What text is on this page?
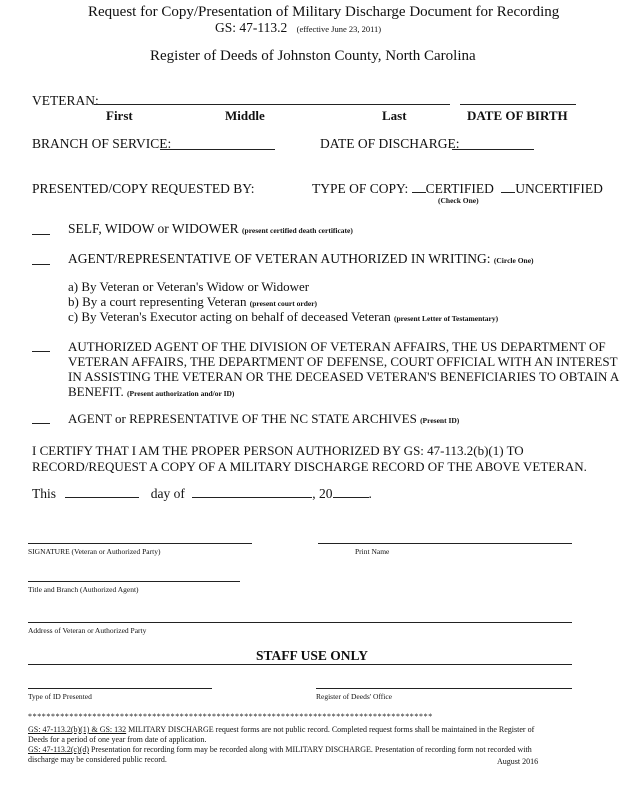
Request for Copy/Presentation of Military Discharge Document for Recording
GS: 47-113.2 (effective June 23, 2011)
Register of Deeds of Johnston County, North Carolina
VETERAN:
First	Middle	Last	DATE OF BIRTH
BRANCH OF SERVICE:	DATE OF DISCHARGE:
PRESENTED/COPY REQUESTED BY:	TYPE OF COPY: CERTIFIED UNCERTIFIED
(Check One)
SELF, WIDOW or WIDOWER (present certified death certificate)
AGENT/REPRESENTATIVE OF VETERAN AUTHORIZED IN WRITING: (Circle One)
a) By Veteran or Veteran's Widow or Widower
b) By a court representing Veteran (present court order)
c) By Veteran's Executor acting on behalf of deceased Veteran (present Letter of Testamentary)
AUTHORIZED AGENT OF THE DIVISION OF VETERAN AFFAIRS, THE US DEPARTMENT OF
VETERAN AFFAIRS, THE DEPARTMENT OF DEFENSE, COURT OFFICIAL WITH AN INTEREST
IN ASSISTING THE VETERAN OR THE DECEASED VETERAN'S BENEFICIARIES TO OBTAIN A
BENEFIT. (Present authorization and/or ID)
AGENT or REPRESENTATIVE OF THE NC STATE ARCHIVES (Present ID)
I CERTIFY THAT I AM THE PROPER PERSON AUTHORIZED BY GS: 47-113.2(b)(1) TO
RECORD/REQUEST A COPY OF A MILITARY DISCHARGE RECORD OF THE ABOVE VETERAN.
This	day of	, 20	.
SIGNATURE (Veteran or Authorized Party)	Print Name
Title and Branch (Authorized Agent)
Address of Veteran or Authorized Party
STAFF USE ONLY
Type of ID Presented	Register of Deeds' Office
****************************************************************************************
GS: 47-113.2(b)(1) & GS: 132 MILITARY DISCHARGE request forms are not public record. Completed request forms shall be maintained in the Register of
Deeds for a period of one year from date of application.
GS: 47-113.2(c)(d) Presentation for recording form may be recorded along with MILITARY DISCHARGE. Presentation of recording form not recorded with
discharge may be considered public record.	August 2016
